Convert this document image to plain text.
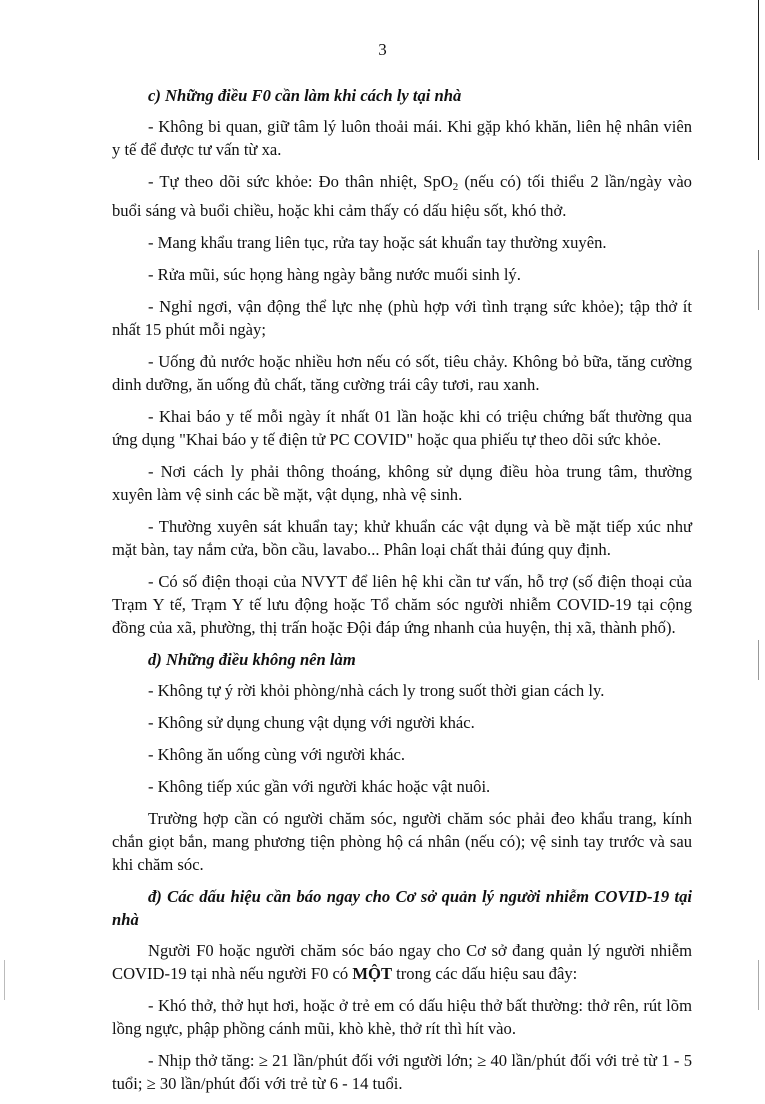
3

c) Những điều F0 cần làm khi cách ly tại nhà

- Không bi quan, giữ tâm lý luôn thoải mái. Khi gặp khó khăn, liên hệ nhân viên y tế để được tư vấn từ xa.

- Tự theo dõi sức khỏe: Đo thân nhiệt, SpO$_2$ (nếu có) tối thiểu 2 lần/ngày vào buổi sáng và buổi chiều, hoặc khi cảm thấy có dấu hiệu sốt, khó thở.

- Mang khẩu trang liên tục, rửa tay hoặc sát khuẩn tay thường xuyên.

- Rửa mũi, súc họng hàng ngày bằng nước muối sinh lý.

- Nghỉ ngơi, vận động thể lực nhẹ (phù hợp với tình trạng sức khỏe); tập thở ít nhất 15 phút mỗi ngày;

- Uống đủ nước hoặc nhiều hơn nếu có sốt, tiêu chảy. Không bỏ bữa, tăng cường dinh dưỡng, ăn uống đủ chất, tăng cường trái cây tươi, rau xanh.

- Khai báo y tế mỗi ngày ít nhất 01 lần hoặc khi có triệu chứng bất thường qua ứng dụng "Khai báo y tế điện tử PC COVID" hoặc qua phiếu tự theo dõi sức khỏe.

- Nơi cách ly phải thông thoáng, không sử dụng điều hòa trung tâm, thường xuyên làm vệ sinh các bề mặt, vật dụng, nhà vệ sinh.

- Thường xuyên sát khuẩn tay; khử khuẩn các vật dụng và bề mặt tiếp xúc như mặt bàn, tay nắm cửa, bồn cầu, lavabo... Phân loại chất thải đúng quy định.

- Có số điện thoại của NVYT để liên hệ khi cần tư vấn, hỗ trợ (số điện thoại của Trạm Y tế, Trạm Y tế lưu động hoặc Tổ chăm sóc người nhiễm COVID-19 tại cộng đồng của xã, phường, thị trấn hoặc Đội đáp ứng nhanh của huyện, thị xã, thành phố).

d) Những điều không nên làm

- Không tự ý rời khỏi phòng/nhà cách ly trong suốt thời gian cách ly.

- Không sử dụng chung vật dụng với người khác.

- Không ăn uống cùng với người khác.

- Không tiếp xúc gần với người khác hoặc vật nuôi.

Trường hợp cần có người chăm sóc, người chăm sóc phải đeo khẩu trang, kính chắn giọt bắn, mang phương tiện phòng hộ cá nhân (nếu có); vệ sinh tay trước và sau khi chăm sóc.

đ) Các dấu hiệu cần báo ngay cho Cơ sở quản lý người nhiễm COVID-19 tại nhà

Người F0 hoặc người chăm sóc báo ngay cho Cơ sở đang quản lý người nhiễm COVID-19 tại nhà nếu người F0 có MỘT trong các dấu hiệu sau đây:

- Khó thở, thở hụt hơi, hoặc ở trẻ em có dấu hiệu thở bất thường: thở rên, rút lõm lồng ngực, phập phồng cánh mũi, khò khè, thở rít thì hít vào.

- Nhịp thở tăng: ≥ 21 lần/phút đối với người lớn; ≥ 40 lần/phút đối với trẻ từ 1 - 5 tuổi; ≥ 30 lần/phút đối với trẻ từ 6 - 14 tuổi.
